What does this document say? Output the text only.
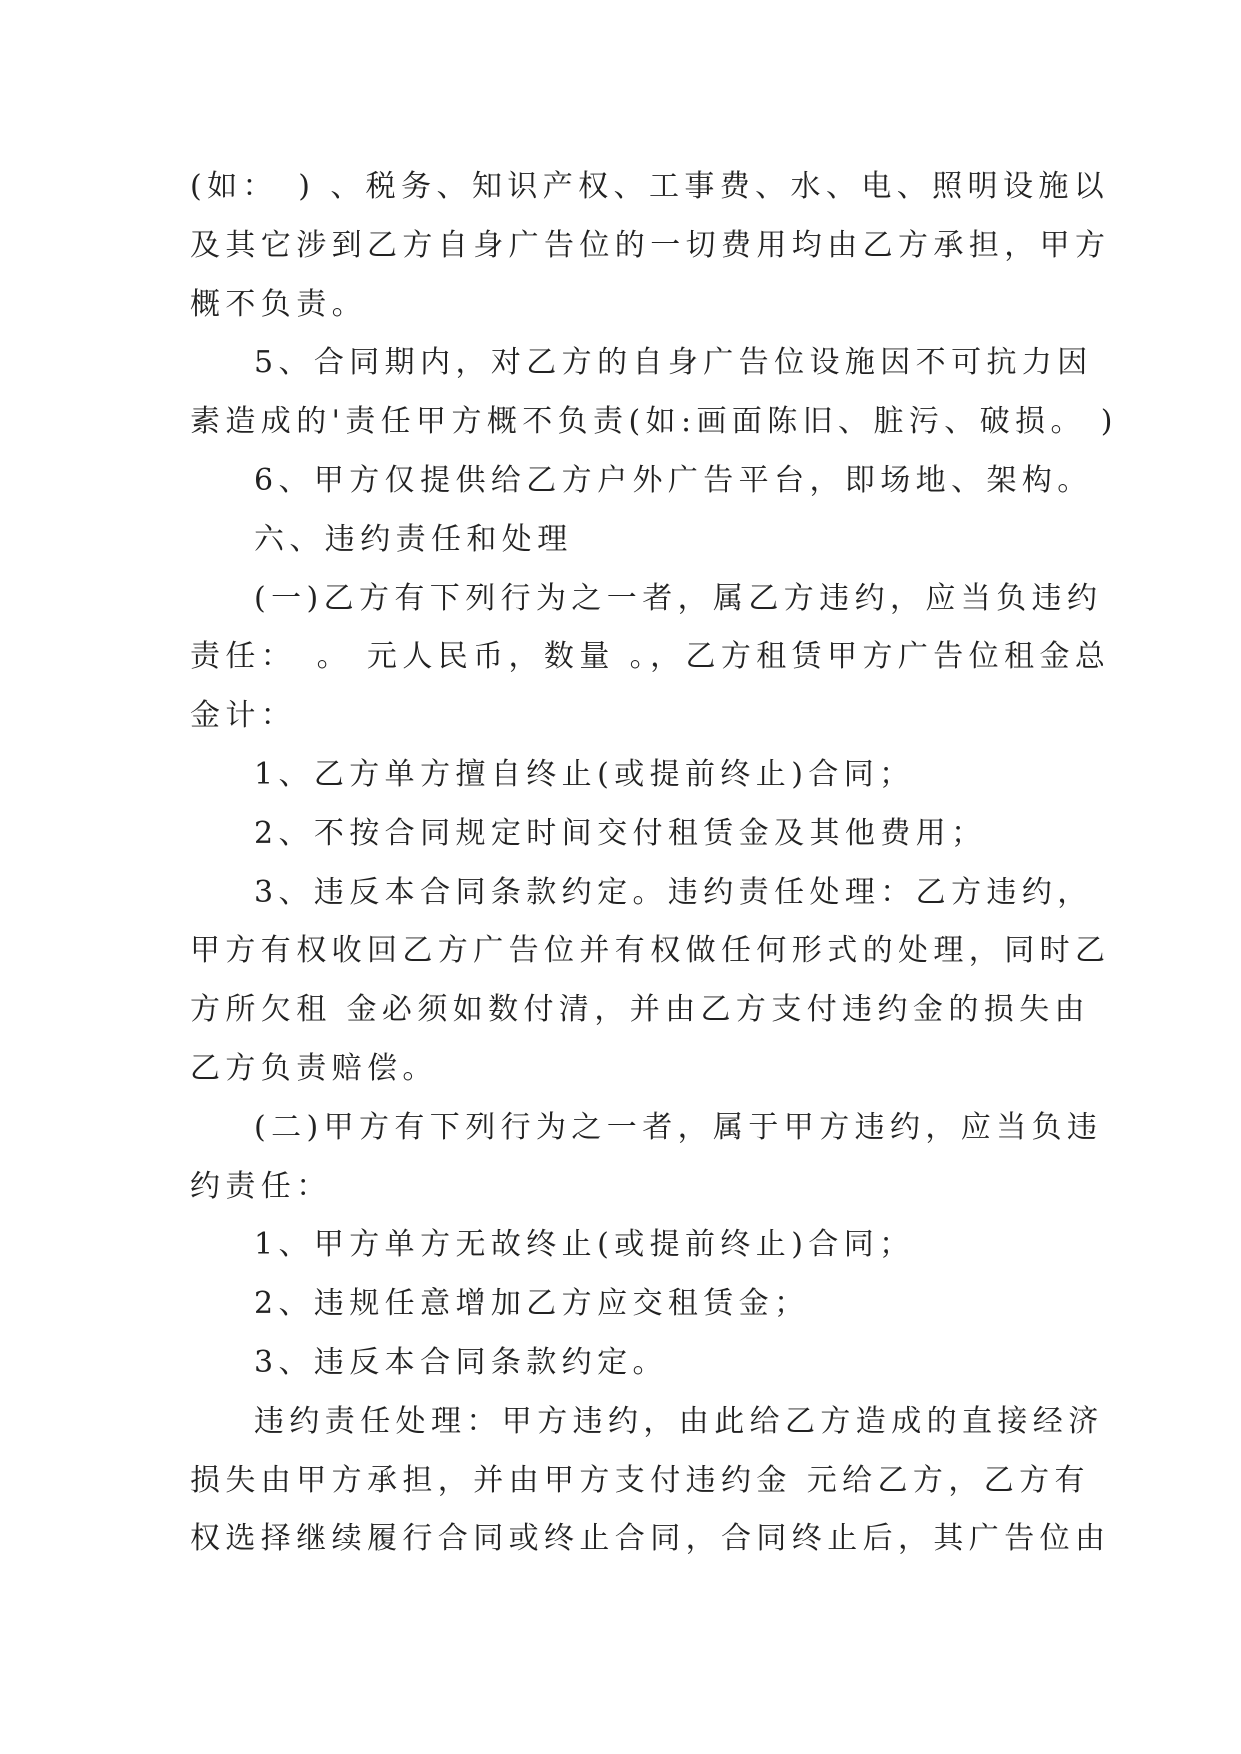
(如：　) 、税务、知识产权、工事费、水、电、照明设施以

及其它涉到乙方自身广告位的一切费用均由乙方承担，甲方

概不负责。

5、合同期内，对乙方的自身广告位设施因不可抗力因

素造成的'责任甲方概不负责(如:画面陈旧、脏污、破损。 )

6、甲方仅提供给乙方户外广告平台，即场地、架构。

六、违约责任和处理

(一)乙方有下列行为之一者，属乙方违约，应当负违约

责任：　。 元人民币，数量 。，乙方租赁甲方广告位租金总

金计：

1、乙方单方擅自终止(或提前终止)合同；

2、不按合同规定时间交付租赁金及其他费用；

3、违反本合同条款约定。违约责任处理：乙方违约，

甲方有权收回乙方广告位并有权做任何形式的处理，同时乙

方所欠租 金必须如数付清，并由乙方支付违约金的损失由

乙方负责赔偿。

(二)甲方有下列行为之一者，属于甲方违约，应当负违

约责任：

1、甲方单方无故终止(或提前终止)合同；

2、违规任意增加乙方应交租赁金；

3、违反本合同条款约定。

违约责任处理：甲方违约，由此给乙方造成的直接经济

损失由甲方承担，并由甲方支付违约金 元给乙方，乙方有

权选择继续履行合同或终止合同，合同终止后，其广告位由
